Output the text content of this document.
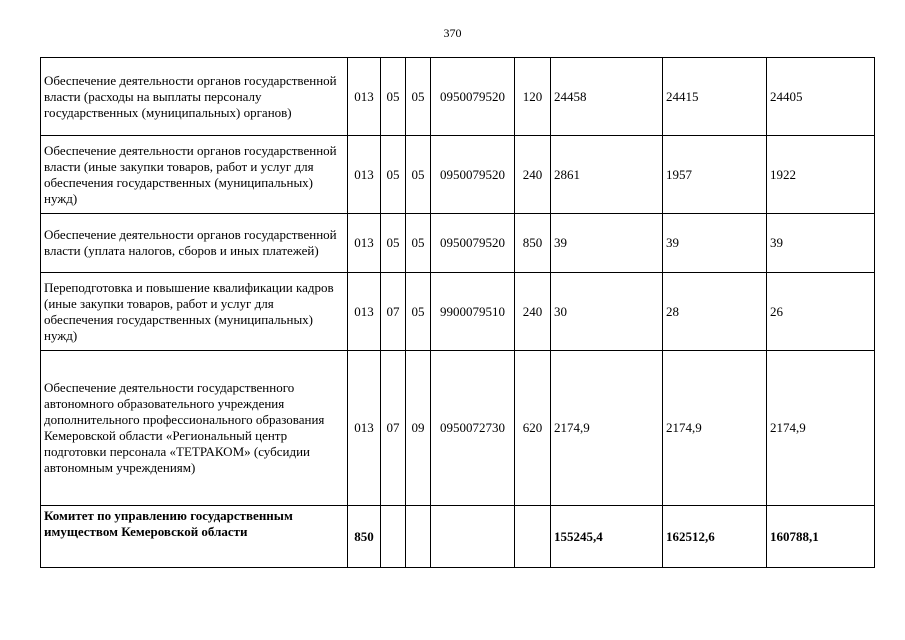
370
Обеспечение деятельности органов государственной власти (расходы на выплаты персоналу государственных (муниципальных) органов)	013	05	05	0950079520	120	24458	24415	24405
Обеспечение деятельности органов государственной власти (иные закупки товаров, работ и услуг для обеспечения государственных (муниципальных) нужд)	013	05	05	0950079520	240	2861	1957	1922
Обеспечение деятельности органов государственной власти (уплата налогов, сборов и иных платежей)	013	05	05	0950079520	850	39	39	39
Переподготовка и повышение квалификации кадров (иные закупки товаров, работ и услуг для обеспечения государственных (муниципальных) нужд)	013	07	05	9900079510	240	30	28	26
Обеспечение деятельности государственного автономного образовательного учреждения дополнительного профессионального образования Кемеровской области «Региональный центр подготовки персонала «ТЕТРАКОМ» (субсидии автономным учреждениям)	013	07	09	0950072730	620	2174,9	2174,9	2174,9
Комитет по управлению государственным имуществом Кемеровской области	850					155245,4	162512,6	160788,1
